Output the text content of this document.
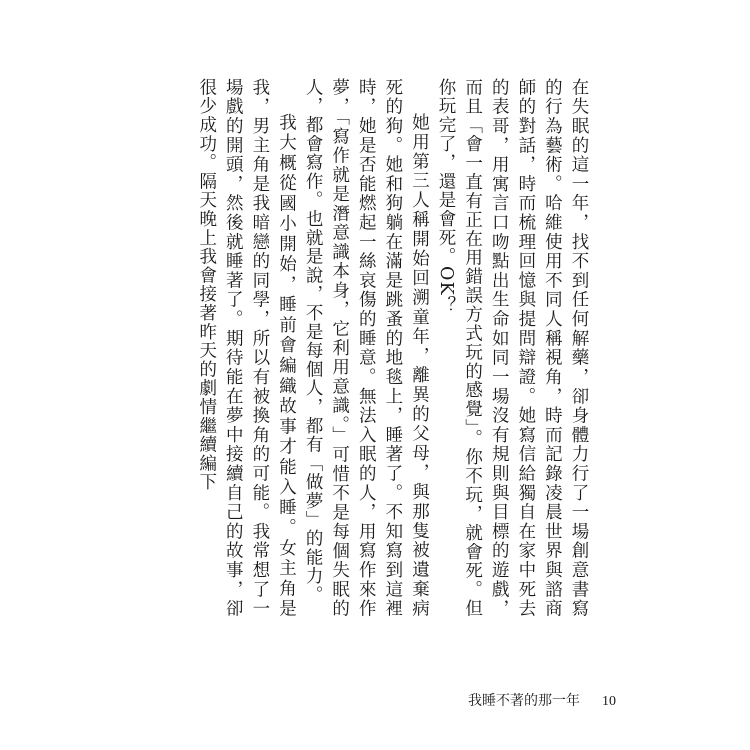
在失眠的這一年，找不到任何解藥，卻身體力行了一場創意書寫的行為藝術。哈維使用不同人稱視角，時而記錄凌晨世界與諮商師的對話，時而梳理回憶與提問辯證。她寫信給獨自在家中死去的表哥，用寓言口吻點出生命如同一場沒有規則與目標的遊戲，而且「會一直有正在用錯誤方式玩的感覺」。你不玩，就會死。但你玩完了，還是會死。OK？

她用第三人稱開始回溯童年，離異的父母，與那隻被遺棄病死的狗。她和狗躺在滿是跳蚤的地毯上，睡著了。不知寫到這裡時，她是否能燃起一絲哀傷的睡意。無法入眠的人，用寫作來作夢，「寫作就是潛意識本身，它利用意識。」可惜不是每個失眠的人，都會寫作。也就是說，不是每個人，都有「做夢」的能力。

我大概從國小開始，睡前會編織故事才能入睡。女主角是我，男主角是我暗戀的同學，所以有被換角的可能。我常想了一場戲的開頭，然後就睡著了。期待能在夢中接續自己的故事，卻很少成功。隔天晚上我會接著昨天的劇情繼續編下

我睡不著的那一年 10
